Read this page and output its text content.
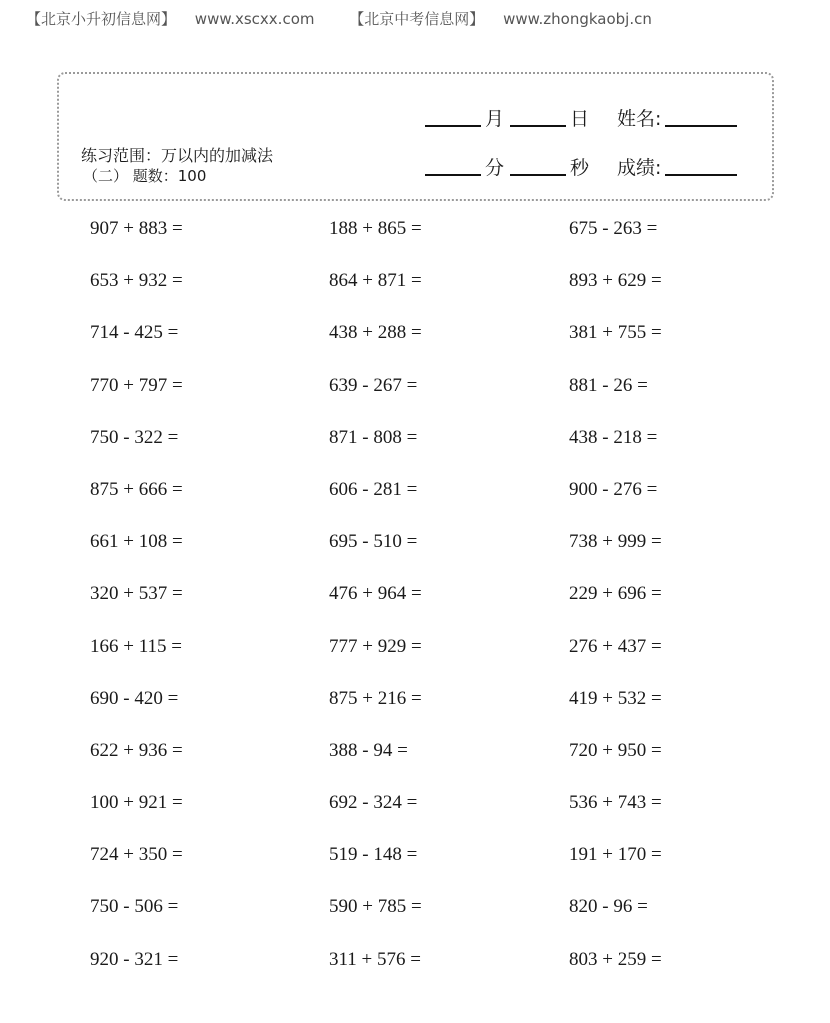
【北京小升初信息网】 www.xscxx.com 【北京中考信息网】 www.zhongkaobj.cn
月	日 姓名:
练习范围：万以内的加减法
（二） 题数：100	分	秒 成绩:
907 + 883 =	188 + 865 =	675 - 263 =
653 + 932 =	864 + 871 =	893 + 629 =
714 - 425 =	438 + 288 =	381 + 755 =
770 + 797 =	639 - 267 =	881 - 26 =
750 - 322 =	871 - 808 =	438 - 218 =
875 + 666 =	606 - 281 =	900 - 276 =
661 + 108 =	695 - 510 =	738 + 999 =
320 + 537 =	476 + 964 =	229 + 696 =
166 + 115 =	777 + 929 =	276 + 437 =
690 - 420 =	875 + 216 =	419 + 532 =
622 + 936 =	388 - 94 =	720 + 950 =
100 + 921 =	692 - 324 =	536 + 743 =
724 + 350 =	519 - 148 =	191 + 170 =
750 - 506 =	590 + 785 =	820 - 96 =
920 - 321 =	311 + 576 =	803 + 259 =
